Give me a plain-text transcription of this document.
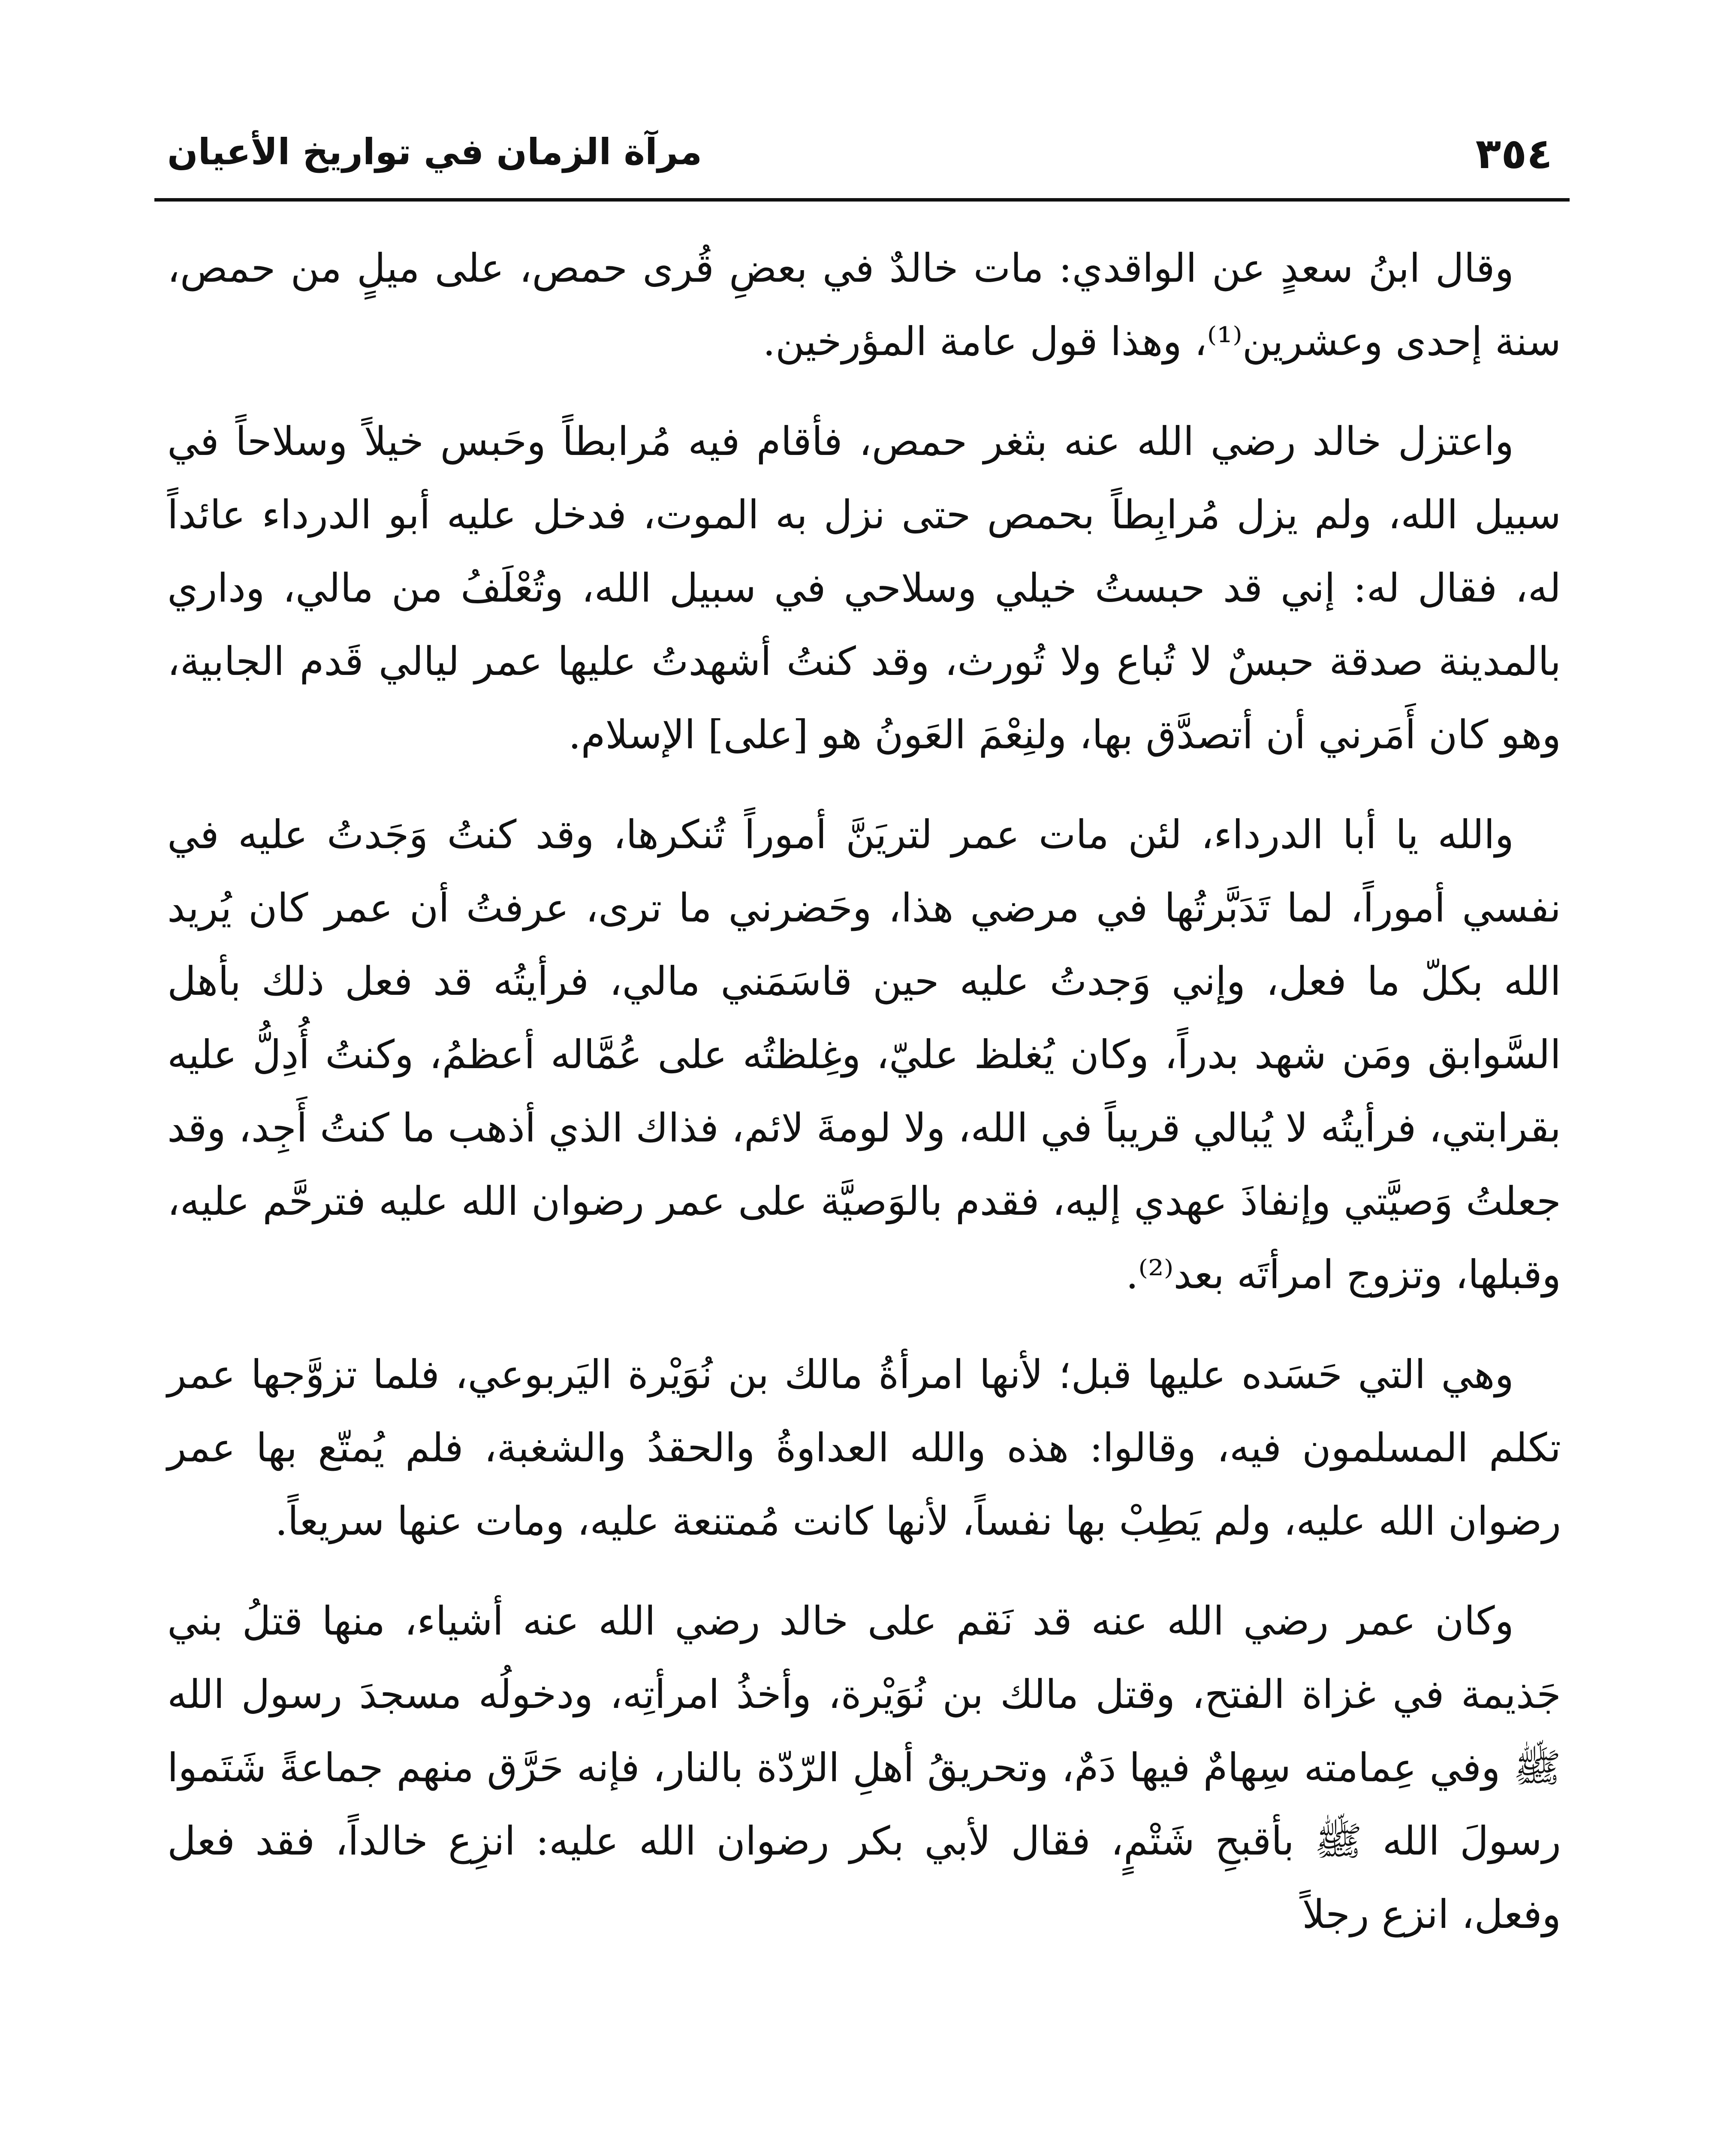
٣٥٤
مرآة الزمان في تواريخ الأعيان

وقال ابنُ سعدٍ عن الواقدي: مات خالدٌ في بعضِ قُرى حمص، على ميلٍ من حمص، سنة إحدى وعشرين⁽¹⁾، وهذا قول عامة المؤرخين.

واعتزل خالد رضي الله عنه بثغر حمص، فأقام فيه مُرابطاً وحَبس خيلاً وسلاحاً في سبيل الله، ولم يزل مُرابِطاً بحمص حتى نزل به الموت، فدخل عليه أبو الدرداء عائداً له، فقال له: إني قد حبستُ خيلي وسلاحي في سبيل الله، وتُعْلَفُ من مالي، وداري بالمدينة صدقة حبسٌ لا تُباع ولا تُورث، وقد كنتُ أشهدتُ عليها عمر ليالي قَدم الجابية، وهو كان أَمَرني أن أتصدَّق بها، ولنِعْمَ العَونُ هو [على] الإسلام.

والله يا أبا الدرداء، لئن مات عمر لتريَنَّ أموراً تُنكرها، وقد كنتُ وَجَدتُ عليه في نفسي أموراً، لما تَدَبَّرتُها في مرضي هذا، وحَضرني ما ترى، عرفتُ أن عمر كان يُريد الله بكلّ ما فعل، وإني وَجدتُ عليه حين قاسَمَني مالي، فرأيتُه قد فعل ذلك بأهل السَّوابق ومَن شهد بدراً، وكان يُغلظ عليّ، وغِلظتُه على عُمَّاله أعظمُ، وكنتُ أُدِلُّ عليه بقرابتي، فرأيتُه لا يُبالي قريباً في الله، ولا لومةَ لائم، فذاك الذي أذهب ما كنتُ أَجِد، وقد جعلتُ وَصيَّتي وإنفاذَ عهدي إليه، فقدم بالوَصيَّة على عمر رضوان الله عليه فترحَّم عليه، وقبلها، وتزوج امرأتَه بعد⁽²⁾.

وهي التي حَسَده عليها قبل؛ لأنها امرأةُ مالك بن نُوَيْرة اليَربوعي، فلما تزوَّجها عمر تكلم المسلمون فيه، وقالوا: هذه والله العداوةُ والحقدُ والشغبة، فلم يُمتّع بها عمر رضوان الله عليه، ولم يَطِبْ بها نفساً، لأنها كانت مُمتنعة عليه، ومات عنها سريعاً.

وكان عمر رضي الله عنه قد نَقم على خالد رضي الله عنه أشياء، منها قتلُ بني جَذيمة في غزاة الفتح، وقتل مالك بن نُوَيْرة، وأخذُ امرأتِه، ودخولُه مسجدَ رسول الله ﷺ وفي عِمامته سِهامٌ فيها دَمٌ، وتحريقُ أهلِ الرّدّة بالنار، فإنه حَرَّق منهم جماعةً شَتَموا رسولَ الله ﷺ بأقبحِ شَتْمٍ، فقال لأبي بكر رضوان الله عليه: انزِع خالداً، فقد فعل وفعل، انزع رجلاً
